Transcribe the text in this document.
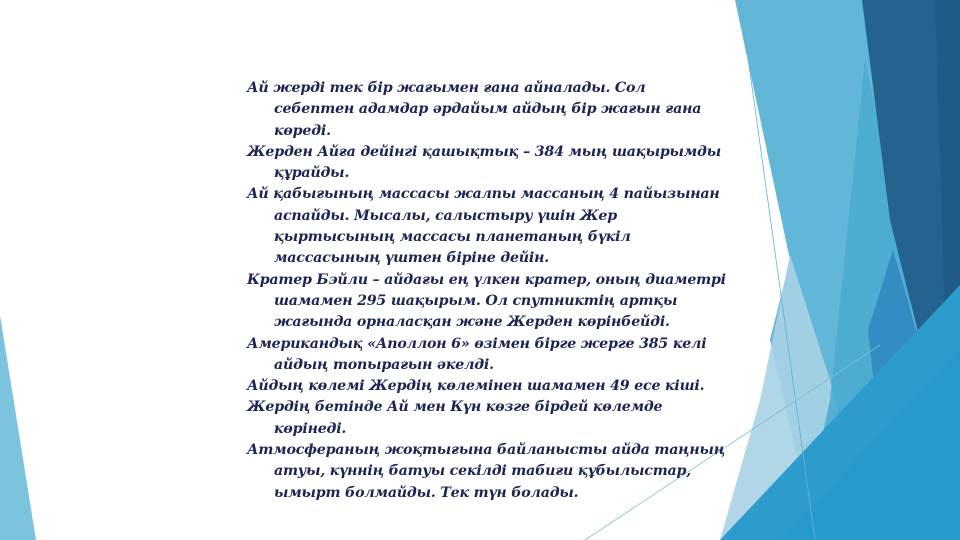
Ай жерді тек бір жағымен ғана айналады. Сол себептен адамдар әрдайым айдың бір жағын ғана көреді.

Жерден Айға дейінгі қашықтық – 384 мың шақырымды құрайды.

Ай қабығының массасы жалпы массаның 4 пайызынан аспайды. Мысалы, салыстыру үшін Жер қыртысының массасы планетаның бүкіл массасының үштен біріне дейін.

Кратер Бэйли – айдағы ең үлкен кратер, оның диаметрі шамамен 295 шақырым. Ол спутниктің артқы жағында орналасқан және Жерден көрінбейді.

Американдық «Аполлон 6» өзімен бірге жерге 385 келі айдың топырағын әкелді.

Айдың көлемі Жердің көлемінен шамамен 49 есе кіші.

Жердің бетінде Ай мен Күн көзге бірдей көлемде көрінеді.

Атмосфераның жоқтығына байланысты айда таңның атуы, күннің батуы секілді табиғи құбылыстар, ымырт болмайды. Тек түн болады.
